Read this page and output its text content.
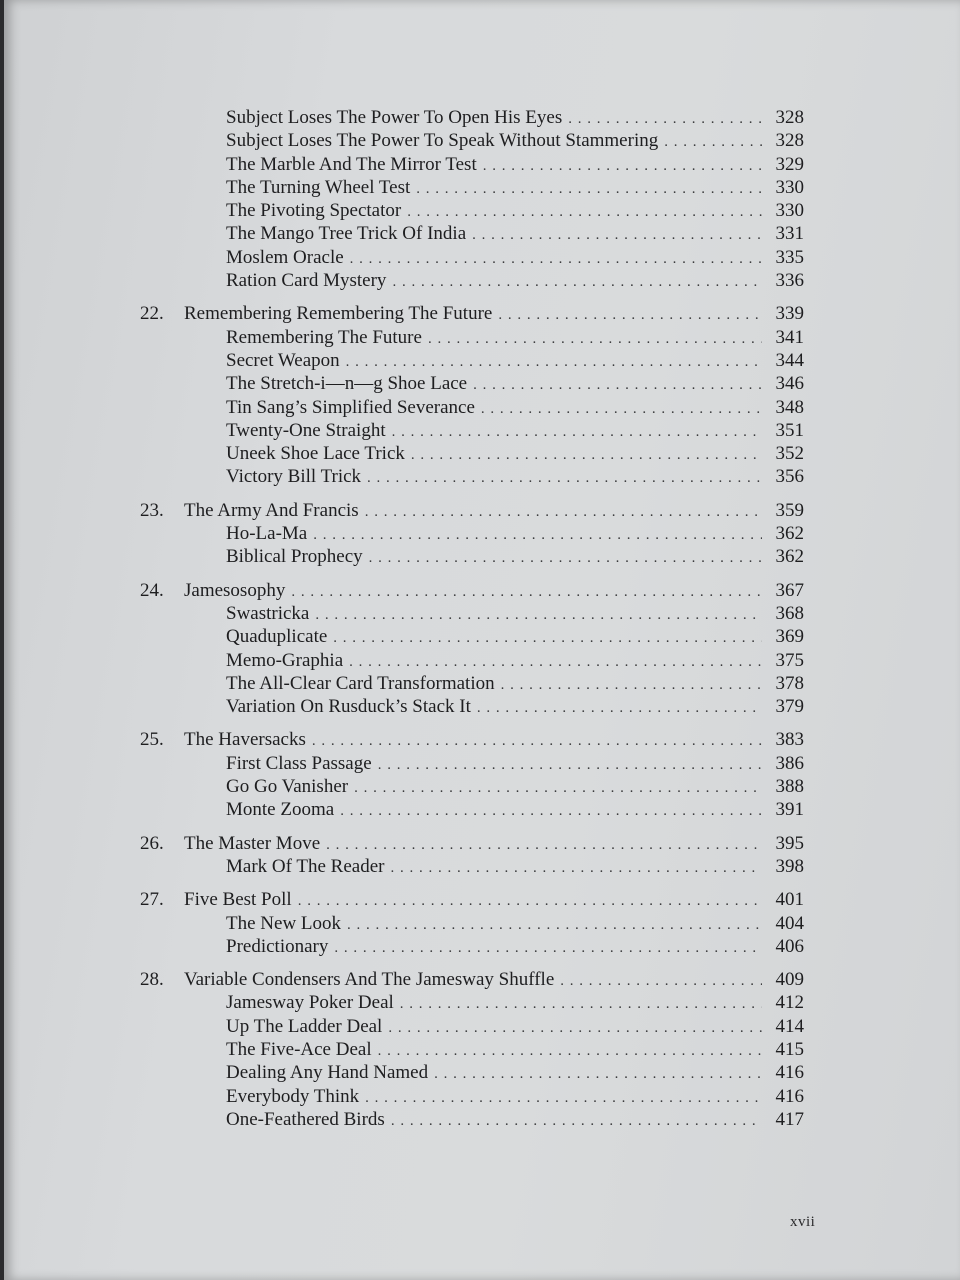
Subject Loses The Power To Open His Eyes . . .	328
Subject Loses The Power To Speak Without Stammering . . .	328
The Marble And The Mirror Test . . .	329
The Turning Wheel Test . . .	330
The Pivoting Spectator . . .	330
The Mango Tree Trick Of India . . .	331
Moslem Oracle . . .	335
Ration Card Mystery . . .	336
22. Remembering Remembering The Future . . .	339
Remembering The Future . . .	341
Secret Weapon . . .	344
The Stretch-i—n—g Shoe Lace . . .	346
Tin Sang’s Simplified Severance . . .	348
Twenty-One Straight . . .	351
Uneek Shoe Lace Trick . . .	352
Victory Bill Trick . . .	356
23. The Army And Francis . . .	359
Ho-La-Ma . . .	362
Biblical Prophecy . . .	362
24. Jamesosophy . . .	367
Swastricka . . .	368
Quaduplicate . . .	369
Memo-Graphia . . .	375
The All-Clear Card Transformation . . .	378
Variation On Rusduck’s Stack It . . .	379
25. The Haversacks . . .	383
First Class Passage . . .	386
Go Go Vanisher . . .	388
Monte Zooma . . .	391
26. The Master Move . . .	395
Mark Of The Reader . . .	398
27. Five Best Poll . . .	401
The New Look . . .	404
Predictionary . . .	406
28. Variable Condensers And The Jamesway Shuffle . . .	409
Jamesway Poker Deal . . .	412
Up The Ladder Deal . . .	414
The Five-Ace Deal . . .	415
Dealing Any Hand Named . . .	416
Everybody Think . . .	416
One-Feathered Birds . . .	417
xvii
